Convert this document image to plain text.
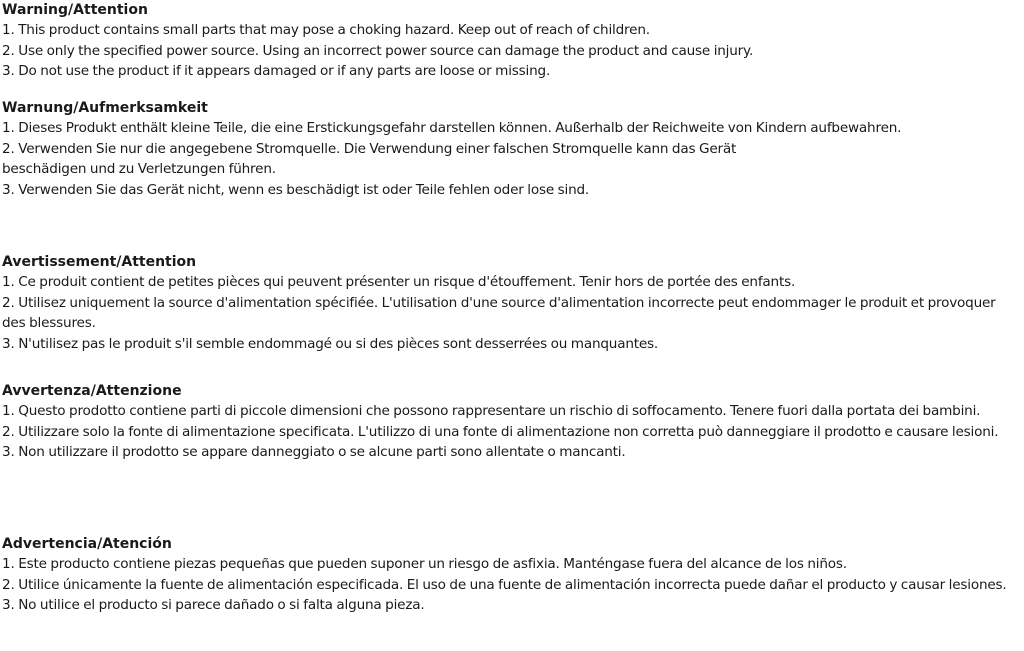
Warning/Attention
1. This product contains small parts that may pose a choking hazard. Keep out of reach of children.
2. Use only the specified power source. Using an incorrect power source can damage the product and cause injury.
3. Do not use the product if it appears damaged or if any parts are loose or missing.
Warnung/Aufmerksamkeit
1. Dieses Produkt enthält kleine Teile, die eine Erstickungsgefahr darstellen können. Außerhalb der Reichweite von Kindern aufbewahren.
2. Verwenden Sie nur die angegebene Stromquelle. Die Verwendung einer falschen Stromquelle kann das Gerät
beschädigen und zu Verletzungen führen.
3. Verwenden Sie das Gerät nicht, wenn es beschädigt ist oder Teile fehlen oder lose sind.
Avertissement/Attention
1. Ce produit contient de petites pièces qui peuvent présenter un risque d'étouffement. Tenir hors de portée des enfants.
2. Utilisez uniquement la source d'alimentation spécifiée. L'utilisation d'une source d'alimentation incorrecte peut endommager le produit et provoquer des blessures.
3. N'utilisez pas le produit s'il semble endommagé ou si des pièces sont desserrées ou manquantes.
Avvertenza/Attenzione
1. Questo prodotto contiene parti di piccole dimensioni che possono rappresentare un rischio di soffocamento. Tenere fuori dalla portata dei bambini.
2. Utilizzare solo la fonte di alimentazione specificata. L'utilizzo di una fonte di alimentazione non corretta può danneggiare il prodotto e causare lesioni.
3. Non utilizzare il prodotto se appare danneggiato o se alcune parti sono allentate o mancanti.
Advertencia/Atención
1. Este producto contiene piezas pequeñas que pueden suponer un riesgo de asfixia. Manténgase fuera del alcance de los niños.
2. Utilice únicamente la fuente de alimentación especificada. El uso de una fuente de alimentación incorrecta puede dañar el producto y causar lesiones.
3. No utilice el producto si parece dañado o si falta alguna pieza.
